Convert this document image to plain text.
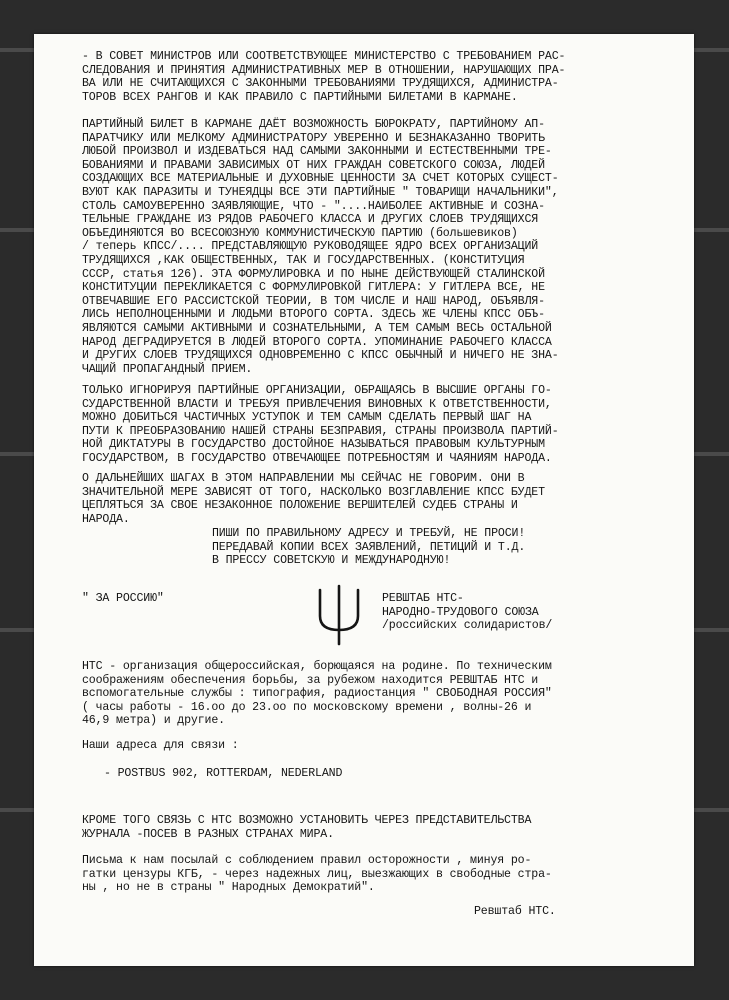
- В СОВЕТ МИНИСТРОВ ИЛИ СООТВЕТСТВУЮЩЕЕ МИНИСТЕРСТВО С ТРЕБОВАНИЕМ РАС-
СЛЕДОВАНИЯ И ПРИНЯТИЯ АДМИНИСТРАТИВНЫХ МЕР В ОТНОШЕНИИ, НАРУШАЮЩИХ ПРА-
ВА ИЛИ НЕ СЧИТАЮЩИХСЯ С ЗАКОННЫМИ ТРЕБОВАНИЯМИ ТРУДЯЩИХСЯ, АДМИНИСТРА-
ТОРОВ ВСЕХ РАНГОВ И КАК ПРАВИЛО С ПАРТИЙНЫМИ БИЛЕТАМИ В КАРМАНЕ.
ПАРТИЙНЫЙ БИЛЕТ В КАРМАНЕ ДАЁТ ВОЗМОЖНОСТЬ БЮРОКРАТУ, ПАРТИЙНОМУ АП-
ПАРАТЧИКУ ИЛИ МЕЛКОМУ АДМИНИСТРАТОРУ УВЕРЕННО И БЕЗНАКАЗАННО ТВОРИТЬ
ЛЮБОЙ ПРОИЗВОЛ И ИЗДЕВАТЬСЯ НАД САМЫМИ ЗАКОННЫМИ И ЕСТЕСТВЕННЫМИ ТРЕ-
БОВАНИЯМИ И ПРАВАМИ ЗАВИСИМЫХ ОТ НИХ ГРАЖДАН СОВЕТСКОГО СОЮЗА, ЛЮДЕЙ
СОЗДАЮЩИХ ВСЕ МАТЕРИАЛЬНЫЕ И ДУХОВНЫЕ ЦЕННОСТИ ЗА СЧЕТ КОТОРЫХ СУЩЕСТ-
ВУЮТ КАК ПАРАЗИТЫ И ТУНЕЯДЦЫ ВСЕ ЭТИ ПАРТИЙНЫЕ " ТОВАРИЩИ НАЧАЛЬНИКИ",
СТОЛЬ САМОУВЕРЕННО ЗАЯВЛЯЮЩИЕ, ЧТО - "....НАИБОЛЕЕ АКТИВНЫЕ И СОЗНА-
ТЕЛЬНЫЕ ГРАЖДАНЕ ИЗ РЯДОВ РАБОЧЕГО КЛАССА И ДРУГИХ СЛОЕВ ТРУДЯЩИХСЯ
ОБЪЕДИНЯЮТСЯ ВО ВСЕСОЮЗНУЮ КОММУНИСТИЧЕСКУЮ ПАРТИЮ (большевиков)
/ теперь КПСС/.... ПРЕДСТАВЛЯЮЩУЮ РУКОВОДЯЩЕЕ ЯДРО ВСЕХ ОРГАНИЗАЦИЙ
ТРУДЯЩИХСЯ ,КАК ОБЩЕСТВЕННЫХ, ТАК И ГОСУДАРСТВЕННЫХ. (КОНСТИТУЦИЯ
СССР, статья 126). ЭТА ФОРМУЛИРОВКА И ПО НЫНЕ ДЕЙСТВУЮЩЕЙ СТАЛИНСКОЙ
КОНСТИТУЦИИ ПЕРЕКЛИКАЕТСЯ С ФОРМУЛИРОВКОЙ ГИТЛЕРА: У ГИТЛЕРА ВСЕ, НЕ
ОТВЕЧАВШИЕ ЕГО РАССИСТСКОЙ ТЕОРИИ, В ТОМ ЧИСЛЕ И НАШ НАРОД, ОБЪЯВЛЯ-
ЛИСЬ НЕПОЛНОЦЕННЫМИ И ЛЮДЬМИ ВТОРОГО СОРТА. ЗДЕСЬ ЖЕ ЧЛЕНЫ КПСС ОБЪ-
ЯВЛЯЮТСЯ САМЫМИ АКТИВНЫМИ И СОЗНАТЕЛЬНЫМИ, А ТЕМ САМЫМ ВЕСЬ ОСТАЛЬНОЙ
НАРОД ДЕГРАДИРУЕТСЯ В ЛЮДЕЙ ВТОРОГО СОРТА. УПОМИНАНИЕ РАБОЧЕГО КЛАССА
И ДРУГИХ СЛОЕВ ТРУДЯЩИХСЯ ОДНОВРЕМЕННО С КПСС ОБЫЧНЫЙ И НИЧЕГО НЕ ЗНА-
ЧАЩИЙ ПРОПАГАНДНЫЙ ПРИЕМ.
ТОЛЬКО ИГНОРИРУЯ ПАРТИЙНЫЕ ОРГАНИЗАЦИИ, ОБРАЩАЯСЬ В ВЫСШИЕ ОРГАНЫ ГО-
СУДАРСТВЕННОЙ ВЛАСТИ И ТРЕБУЯ ПРИВЛЕЧЕНИЯ ВИНОВНЫХ К ОТВЕТСТВЕННОСТИ,
МОЖНО ДОБИТЬСЯ ЧАСТИЧНЫХ УСТУПОК И ТЕМ САМЫМ СДЕЛАТЬ ПЕРВЫЙ ШАГ НА
ПУТИ К ПРЕОБРАЗОВАНИЮ НАШЕЙ СТРАНЫ БЕЗПРАВИЯ, СТРАНЫ ПРОИЗВОЛА ПАРТИЙ-
НОЙ ДИКТАТУРЫ В ГОСУДАРСТВО ДОСТОЙНОЕ НАЗЫВАТЬСЯ ПРАВОВЫМ КУЛЬТУРНЫМ
ГОСУДАРСТВОМ, В ГОСУДАРСТВО ОТВЕЧАЮЩЕЕ ПОТРЕБНОСТЯМ И ЧАЯНИЯМ НАРОДА.
О ДАЛЬНЕЙШИХ ШАГАХ В ЭТОМ НАПРАВЛЕНИИ МЫ СЕЙЧАС НЕ ГОВОРИМ. ОНИ В
ЗНАЧИТЕЛЬНОЙ МЕРЕ ЗАВИСЯТ ОТ ТОГО, НАСКОЛЬКО ВОЗГЛАВЛЕНИЕ КПСС БУДЕТ
ЦЕПЛЯТЬСЯ ЗА СВОЕ НЕЗАКОННОЕ ПОЛОЖЕНИЕ ВЕРШИТЕЛЕЙ СУДЕБ СТРАНЫ И
НАРОДА.
ПИШИ ПО ПРАВИЛЬНОМУ АДРЕСУ И ТРЕБУЙ, НЕ ПРОСИ!
ПЕРЕДАВАЙ КОПИИ ВСЕХ ЗАЯВЛЕНИЙ, ПЕТИЦИЙ И Т.Д.
В ПРЕССУ СОВЕТСКУЮ И МЕЖДУНАРОДНУЮ!
" ЗА РОССИЮ"	РЕВШТАБ НТС-
НАРОДНО-ТРУДОВОГО СОЮЗА
/российских солидаристов/
НТС - организация общероссийская, борющаяся на родине. По техническим
соображениям обеспечения борьбы, за рубежом находится РЕВШТАБ НТС и
вспомогательные службы : типография, радиостанция " СВОБОДНАЯ РОССИЯ"
( часы работы - 16.оо до 23.оо по московскому времени , волны-26 и
46,9 метра) и другие.
Наши адреса для связи :
- POSTBUS 902, ROTTERDAM, NEDERLAND
КРОМЕ ТОГО СВЯЗЬ С НТС ВОЗМОЖНО УСТАНОВИТЬ ЧЕРЕЗ ПРЕДСТАВИТЕЛЬСТВА
ЖУРНАЛА -ПОСЕВ В РАЗНЫХ СТРАНАХ МИРА.
Письма к нам посылай с соблюдением правил осторожности , минуя ро-
гатки цензуры КГБ, - через надежных лиц, выезжающих в свободные стра-
ны , но не в страны " Народных Демократий".
Ревштаб НТС.
